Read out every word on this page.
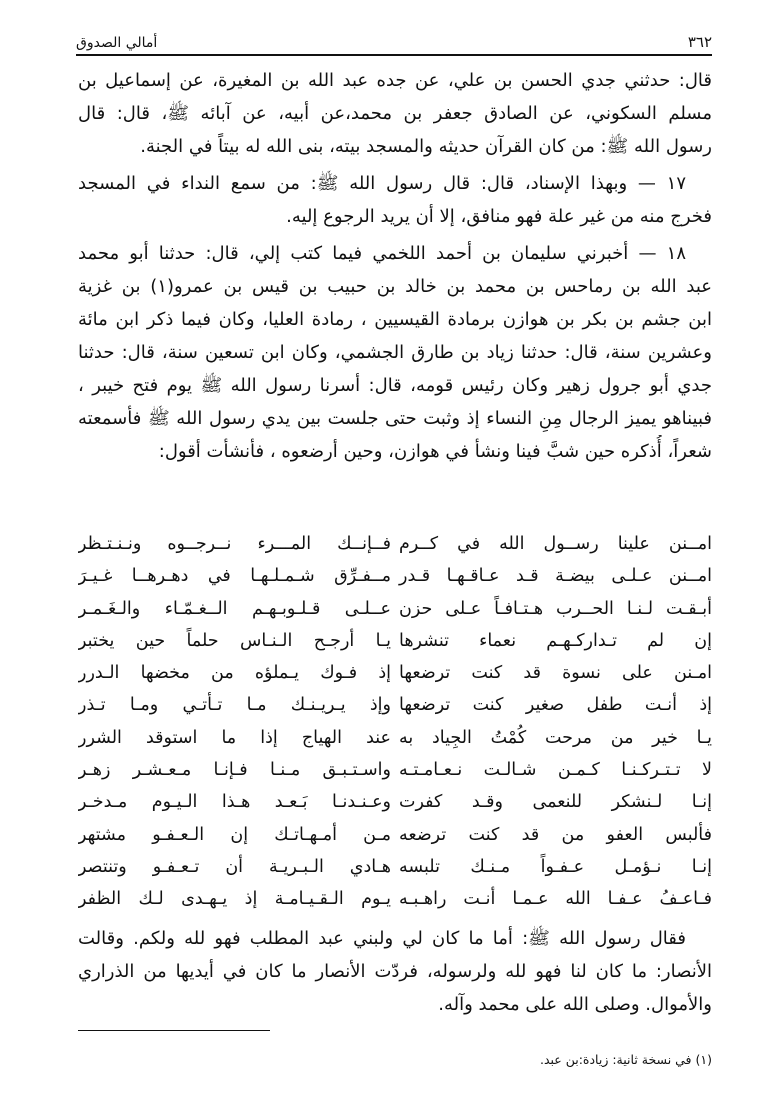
أمالي الصدوق	٣٦٢
قال: حدثني جدي الحسن بن علي، عن جده عبد الله بن المغيرة، عن إسماعيل بن
مسلم السكوني، عن الصادق جعفر بن محمد،عن أبيه، عن آبائه ﷺ، قال: قال
رسول الله ﷺ: من كان القرآن حديثه والمسجد بيته، بنى الله له بيتاً في الجنة.
١٧ — وبهذا الإسناد، قال: قال رسول الله ﷺ: من سمع النداء في المسجد
فخرج منه من غير علة فهو منافق، إلا أن يريد الرجوع إليه.
١٨ — أخبرني سليمان بن أحمد اللخمي فيما كتب إلي، قال: حدثنا أبو محمد
عبد الله بن رماحس بن محمد بن خالد بن حبيب بن قيس بن عمرو(١) بن غزية
ابن جشم بن بكر بن هوازن برمادة القيسيين ، رمادة العليا، وكان فيما ذكر ابن مائة
وعشرين سنة، قال: حدثنا زياد بن طارق الجشمي، وكان ابن تسعين سنة، قال: حدثنا
جدي أبو جرول زهير وكان رئيس قومه، قال: أسرنا رسول الله ﷺ يوم فتح خيبر ،
فبيناهو يميز الرجال مِنِ النساء إذ وثبت حتى جلست بين يدي رسول الله ﷺ فأسمعته
شعراً، أُذكره حين شبَّ فينا ونشأ في هوازن، وحين أرضعوه ، فأنشأت أقول:
امــنن علينا رســول الله في كــرم
فــإنــك المـــرء نــرجــوه ونـنـتـظر
امــنن عـلـى بيضـة قـد عـاقـهـا قـدر
مــفـرِّق شـمـلـهـا في دهـرهــا غـيـرَ
أبـقـت لـنـا الحــرب هـتـافـاً عـلى حزن
عــلـى قـلـوبـهـم الــغـمّـاء والـغَـمـر
إن لم تـداركـهـم نعماء تنشرها
يـا أرجـح الـنـاس حلماً حين يختبر
امـنن على نسوة قد كنت ترضعها
إذ فـوك يـملؤه من مخضها الـدرر
إذ أنـت طفل صغير كنت ترضعها
وإذ يـريـنـك مـا تـأتـي ومـا تـذر
يـا خير من مرحت كُمْتُ الجِياد به
عند الهياج إذا ما استوقد الشرر
لا تـتـركـنـا كـمـن شـالـت نـعـامـتـه
واسـتـبـق مـنـا فـإنـا مـعـشـر زهـر
إنـا لـنشكر للنعمى وقـد كفرت
وعـنـدنـا بَـعـد هـذا الـيـوم مـدخـر
فألبس العفو من قد كنت ترضعه
مـن أمـهـاتـك إن الـعـفـو مشتهر
إنـا نـؤمـل عـفـواً مـنـك تلبسه
هـادي الـبـريـة أن تـعـفـو وتنتصر
فـاعـفُ عـفـا الله عـمـا أنـت راهـبـه
يـوم الـقـيـامـة إذ يـهـدى لـك الظفر
فقال رسول الله ﷺ: أما ما كان لي ولبني عبد المطلب فهو لله ولكم. وقالت
الأنصار: ما كان لنا فهو لله ولرسوله، فردّت الأنصار ما كان في أيديها من الذراري
والأموال. وصلى الله على محمد وآله.
(١) في نسخة ثانية: زيادة:بن عبد.
